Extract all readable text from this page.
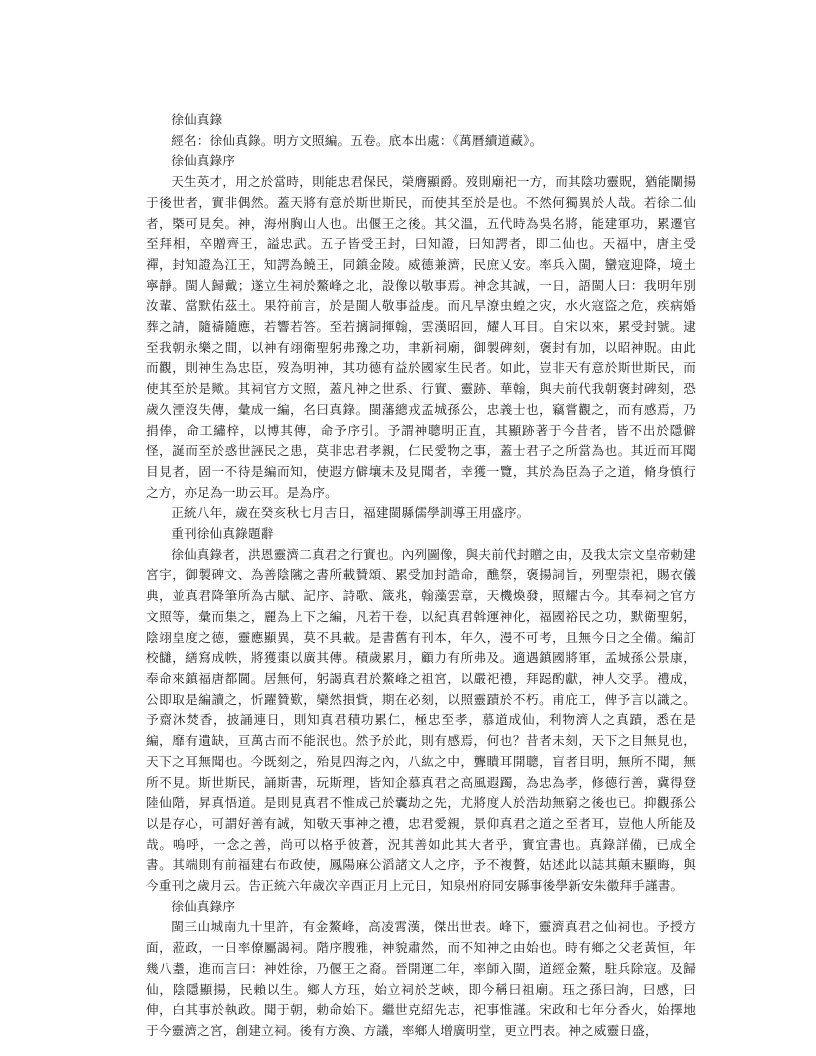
徐仙真錄

經名：徐仙真錄。明方文照編。五卷。底本出處：《萬曆續道藏》。

徐仙真錄序

天生英才，用之於當時，則能忠君保民，榮膺顯爵。歿則廟祀一方，而其陰功靈貺，猶能闡揚于後世者，實非偶然。蓋天將有意於斯世斯民，而使其至於是也。不然何獨異於人哉。若徐二仙者，槩可見矣。神，海州胸山人也。出偃王之後。其父溫，五代時為吳名將，能建軍功，累遷官至拜相，卒贈齊王，謚忠武。五子皆受王封，曰知證，曰知諤者，即二仙也。天福中，唐主受禪，封知證為江王，知諤為饒王，同鎮金陵。威德兼濟，民庶乂安。率兵入閩，蠻寇迎降，境土寧靜。閩人歸戴；遂立生祠於鰲峰之北，設像以敬事焉。神念其誠，一日，語閩人曰：我明年別汝輩、當默佑茲土。果符前言，於是閩人敬事益虔。而凡旱潦虫蝗之灾，水火寇盜之危，疾病婚葬之請，隨禱隨應，若響若答。至若摛詞揮翰，雲漢昭回，耀人耳目。自宋以來，累受封號。逮至我朝永樂之間，以神有翊衛聖躬弗豫之功，聿新祠廟，御製碑刻，褒封有加，以昭神貺。由此而觀，則神生為忠臣，歿為明神，其功德有益於國家生民者。如此，豈非天有意於斯世斯民，而使其至於是歟。其祠官方文照，蓋凡神之世系、行實、靈跡、華翰，與夫前代我朝褒封碑刻，恐歲久湮沒失傳，彙成一編，名曰真錄。閩藩總戎孟城孫公，忠義士也，竊嘗觀之，而有感焉，乃捐俸，命工繡梓，以博其傳，命予序引。予謂神聰明正直，其顯跡著于今昔者，皆不出於隱僻怪，誕而至於惑世誣民之患，莫非忠君孝親，仁民愛物之事，蓋士君子之所當為也。其近而耳聞目見者，固一不待是編而知，使遐方僻壤未及見聞者，幸獲一覽，其於為臣為子之道，脩身慎行之方，亦足為一助云耳。是為序。

正統八年，歲在癸亥秋七月吉日，福建閩縣儒學訓導王用盛序。

重刊徐仙真錄題辭

徐仙真錄者，洪恩靈濟二真君之行實也。內列圖像，與夫前代封贈之由，及我太宗文皇帝勅建宮宇，御製碑文、為善陰隲之書所載贊頌、累受加封誥命，醮祭，褒揚詞旨，列聖崇祀，賜衣儀典，並真君降筆所為古賦、記序、詩歌、箴兆，翰藻雲章，天機煥發，照耀古今。其奉祠之官方文照等，彙而集之，麗為上下之編，凡若干卷，以紀真君斡運神化，福國裕民之功，默衛聖躬，陰翊皇度之德，靈應顯異，莫不具載。是書舊有刊本，年久，漫不可考，且無今日之全備。編訂校讎，繕寫成帙，將獲棗以廣其傳。積歲累月，顧力有所弗及。適遇鎮國將軍，孟城孫公景康，奉命來鎮福唐都閫。居無何，躬謁真君於鰲峰之祖宮，以嚴祀禮，拜跽酌獻，神人交孚。禮成，公即取是編讀之，忻躍贊歎，欒然損貲，期在必刻，以照靈蹟於不朽。甫庇工，俾予言以識之。予齋沐焚香，披誦連日，則知真君積功累仁，極忠至孝，慕道成仙，利物濟人之真蹟，悉在是編，靡有遺缺，亘萬古而不能泯也。然予於此，則有感焉，何也？昔者未刻，天下之目無見也，天下之耳無聞也。今既刻之，殆見四海之內，八紘之中，聾瞶耳開聰，盲者目明，無所不聞，無所不見。斯世斯民，誦斯書，玩斯理，皆知企慕真君之高風遐躅，為忠為孝，修德行善，冀得登陸仙階，昇真悟道。是則見真君不惟成己於囊劫之先，尤將度人於浩劫無窮之後也已。抑觀孫公以是存心，可謂好善有誠，知敬天事神之禮，忠君愛親，景仰真君之道之至者耳，豈他人所能及哉。嗚呼，一念之善，尚可以格乎彼蒼，況其善如此其大者乎，實宜書也。真錄詳備，已成全書。其端則有前福建右布政使，鳳陽麻公滔諸文人之序，予不複贅，姑述此以誌其顛末顯晦，與今重刊之歲月云。告正統六年歲次辛酉正月上元日，知泉州府同安縣事後學新安朱徽拜手謹書。

徐仙真錄序

閩三山城南九十里許，有金鰲峰，高凌霄漢，傑出世表。峰下，靈濟真君之仙祠也。予授方面，蒞政，一日率僚屬謁祠。階序膄雅，神貌肅然，而不知神之由始也。時有鄉之父老黃恒，年幾八耋，進而言曰：神姓徐，乃偃王之裔。晉開運二年，率師入閩，道經金鰲，駐兵除寇。及歸仙，陰隱顯揚，民賴以生。鄉人方珏，始立祠於芝峽，即今稱曰祖廟。珏之孫曰詢，曰感，曰伸，白其事於執政。聞于朝，勅命始下。繼世克紹先志，祀事惟謹。宋政和七年分香火，始擇地于今靈濟之宮，創建立祠。後有方渙、方議，率鄉人增廣明堂，更立門表。神之威靈日盛，
